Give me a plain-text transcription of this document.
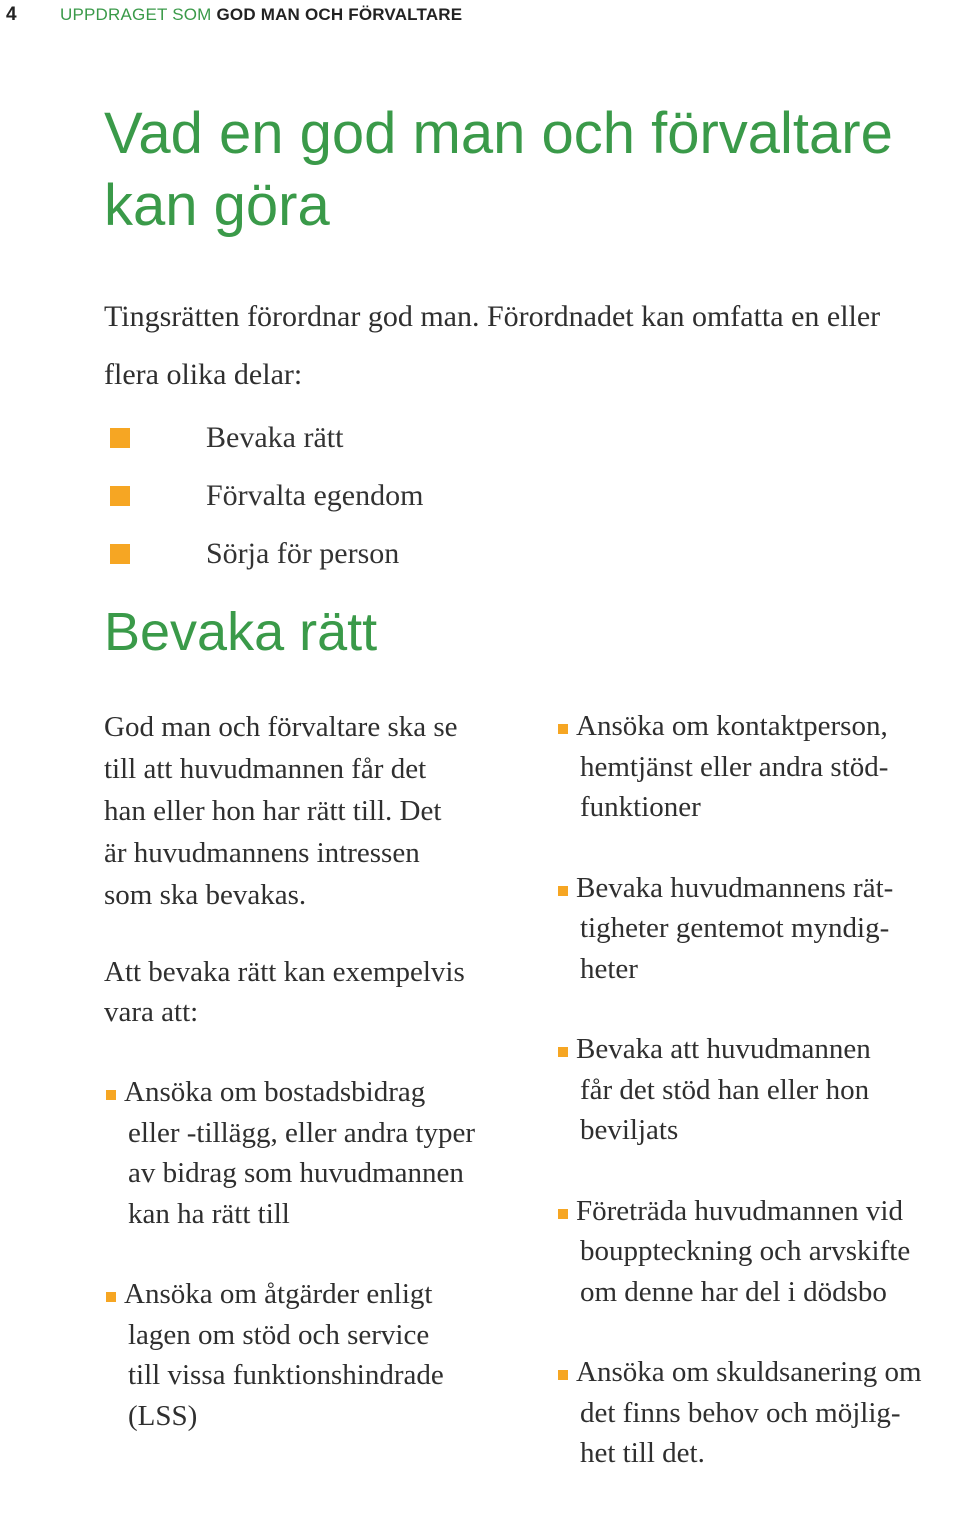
4	UPPDRAGET SOM GOD MAN OCH FÖRVALTARE
Vad en god man och förvaltare
kan göra

Tingsrätten förordnar god man. Förordnadet kan omfatta en eller
flera olika delar:

Bevaka rätt
Förvalta egendom
Sörja för person
Bevaka rätt

God man och förvaltare ska se
till att huvudmannen får det
han eller hon har rätt till. Det
är huvudmannens intressen
som ska bevakas.

Att bevaka rätt kan exempelvis
vara att:

Ansöka om bostadsbidrag
eller -tillägg, eller andra typer
av bidrag som huvudmannen
kan ha rätt till
Ansöka om åtgärder enligt
lagen om stöd och service
till vissa funktionshindrade
(LSS)
Ansöka om kontaktperson,
hemtjänst eller andra stöd-
funktioner
Bevaka huvudmannens rät-
tigheter gentemot myndig-
heter
Bevaka att huvudmannen
får det stöd han eller hon
beviljats
Företräda huvudmannen vid
bouppteckning och arvskifte
om denne har del i dödsbo
Ansöka om skuldsanering om
det finns behov och möjlig-
het till det.
